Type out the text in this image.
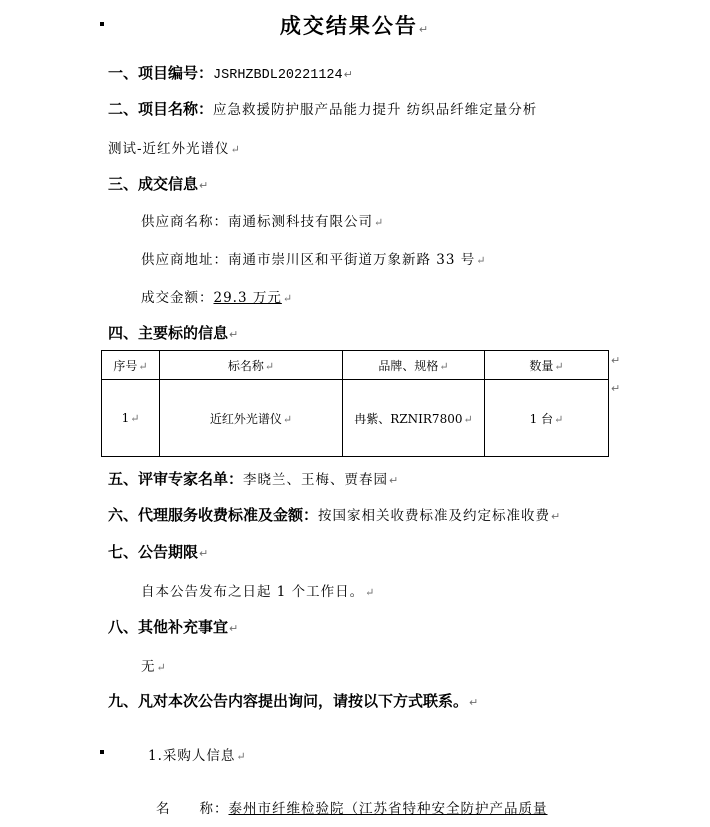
成交结果公告↵
一、项目编号：JSRHZBDL20221124↵
二、项目名称：应急救援防护服产品能力提升 纺织品纤维定量分析
测试-近红外光谱仪↵
三、成交信息↵
供应商名称：南通标测科技有限公司↵
供应商地址：南通市崇川区和平街道万象新路 33 号↵
成交金额：29.3 万元↵
四、主要标的信息↵
序号↵	标名称↵	品牌、规格↵	数量↵
1↵	近红外光谱仪↵	冉紫、RZNIR7800↵	1 台↵
↵
↵
五、评审专家名单：李晓兰、王梅、贾春园↵
六、代理服务收费标准及金额：按国家相关收费标准及约定标准收费↵
七、公告期限↵
自本公告发布之日起 1 个工作日。↵
八、其他补充事宜↵
无↵
九、凡对本次公告内容提出询问，请按以下方式联系。↵
1.采购人信息↵
名　　称：泰州市纤维检验院（江苏省特种安全防护产品质量
